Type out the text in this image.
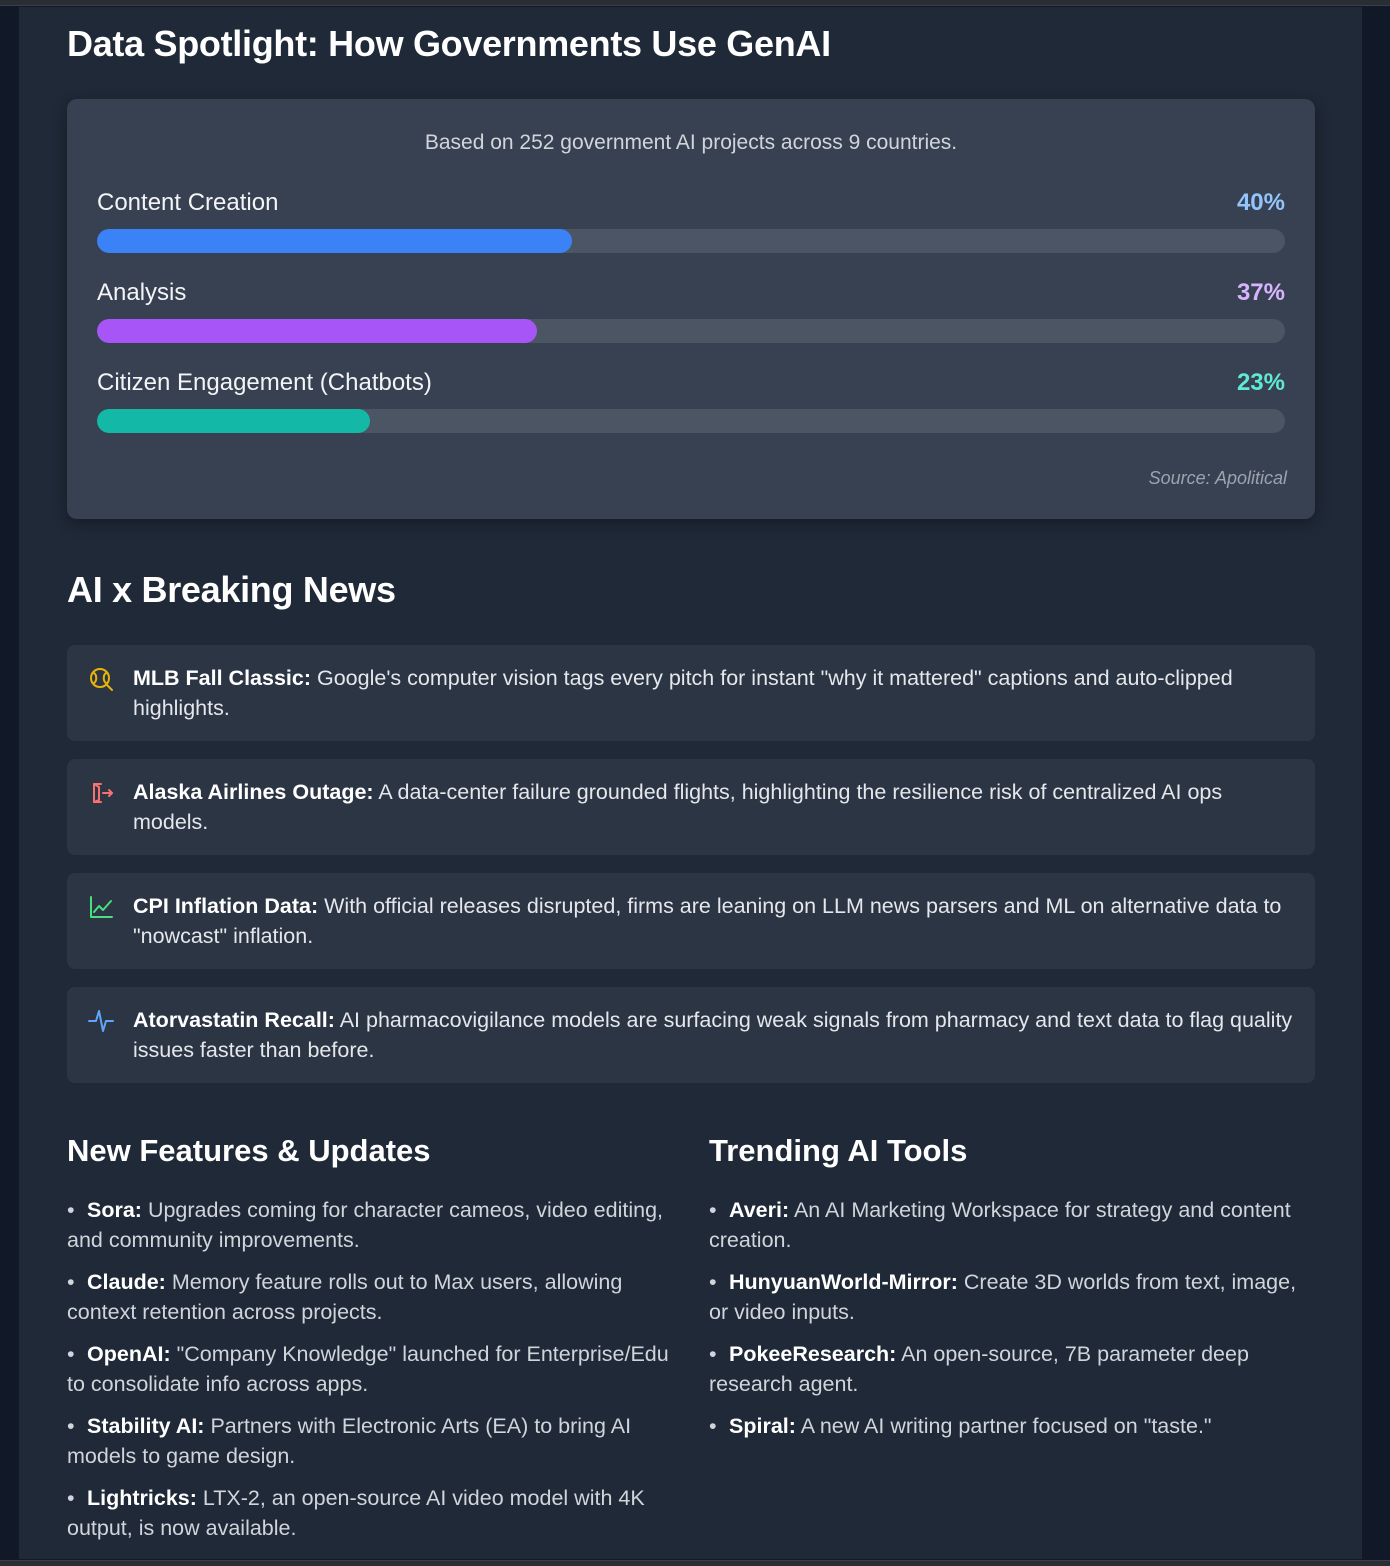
Data Spotlight: How Governments Use GenAI
Based on 252 government AI projects across 9 countries.
Content Creation	40%
Analysis	37%
Citizen Engagement (Chatbots)	23%
Source: Apolitical
AI x Breaking News
MLB Fall Classic: Google's computer vision tags every pitch for instant "why it mattered" captions and auto-clipped highlights.
Alaska Airlines Outage: A data-center failure grounded flights, highlighting the resilience risk of centralized AI ops models.
CPI Inflation Data: With official releases disrupted, firms are leaning on LLM news parsers and ML on alternative data to "nowcast" inflation.
Atorvastatin Recall: AI pharmacovigilance models are surfacing weak signals from pharmacy and text data to flag quality issues faster than before.
New Features & Updates
• Sora: Upgrades coming for character cameos, video editing, and community improvements.
• Claude: Memory feature rolls out to Max users, allowing context retention across projects.
• OpenAI: "Company Knowledge" launched for Enterprise/Edu to consolidate info across apps.
• Stability AI: Partners with Electronic Arts (EA) to bring AI models to game design.
• Lightricks: LTX-2, an open-source AI video model with 4K output, is now available.
Trending AI Tools
• Averi: An AI Marketing Workspace for strategy and content creation.
• HunyuanWorld-Mirror: Create 3D worlds from text, image, or video inputs.
• PokeeResearch: An open-source, 7B parameter deep research agent.
• Spiral: A new AI writing partner focused on "taste."
